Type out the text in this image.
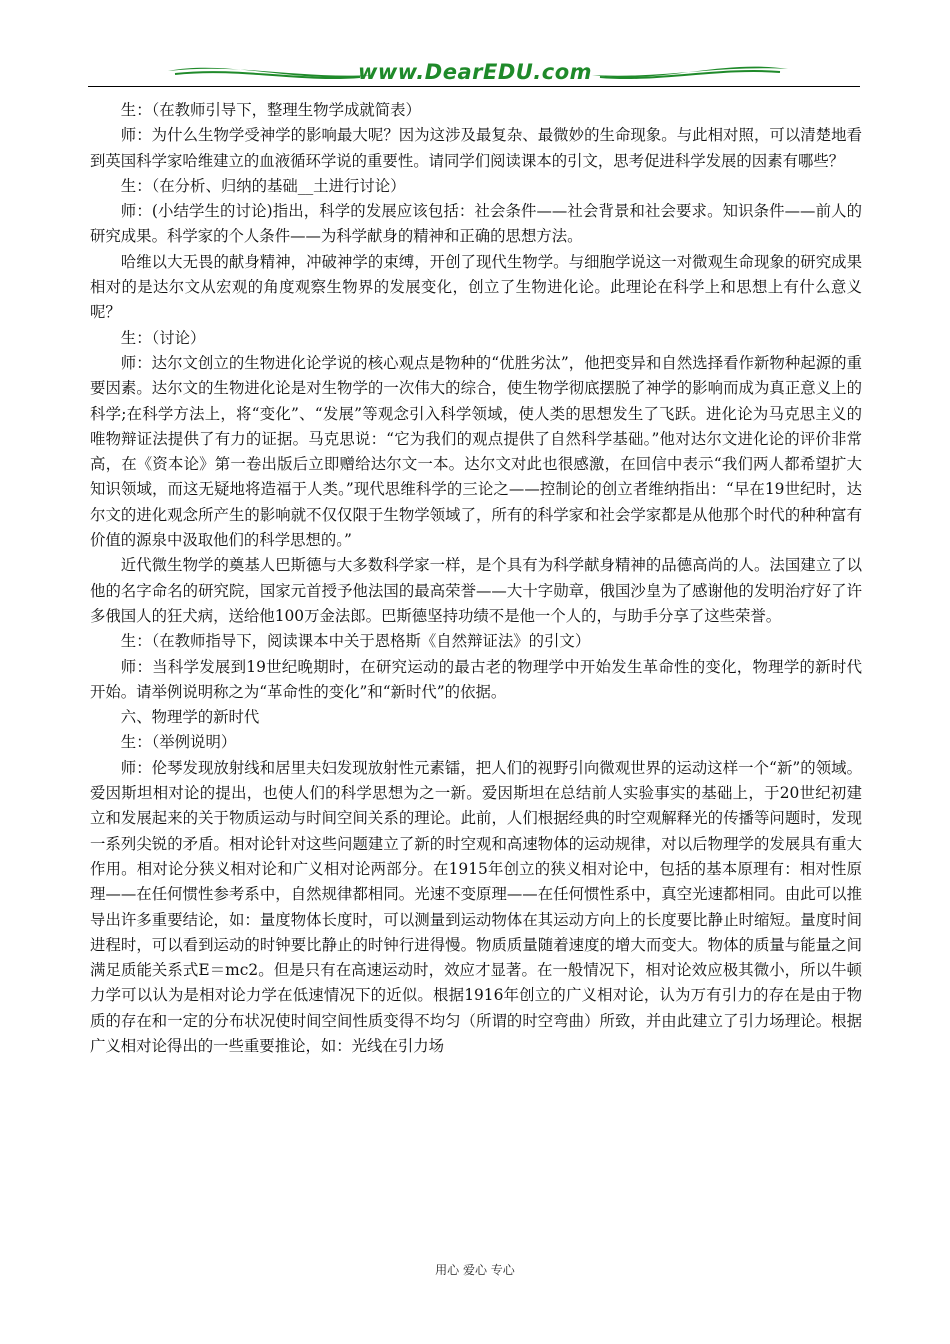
www.DearEDU.com

生：（在教师引导下，整理生物学成就简表）

师：为什么生物学受神学的影响最大呢？因为这涉及最复杂、最微妙的生命现象。与此相对照，可以清楚地看到英国科学家哈维建立的血液循环学说的重要性。请同学们阅读课本的引文，思考促进科学发展的因素有哪些？

生：（在分析、归纳的基础__土进行讨论）

师：(小结学生的讨论)指出，科学的发展应该包括：社会条件——社会背景和社会要求。知识条件——前人的研究成果。科学家的个人条件——为科学献身的精神和正确的思想方法。

哈维以大无畏的献身精神，冲破神学的束缚，开创了现代生物学。与细胞学说这一对微观生命现象的研究成果相对的是达尔文从宏观的角度观察生物界的发展变化，创立了生物进化论。此理论在科学上和思想上有什么意义呢？

生：（讨论）

师：达尔文创立的生物进化论学说的核心观点是物种的“优胜劣汰”，他把变异和自然选择看作新物种起源的重要因素。达尔文的生物进化论是对生物学的一次伟大的综合，使生物学彻底摆脱了神学的影响而成为真正意义上的科学;在科学方法上，将“变化”、“发展”等观念引入科学领域，使人类的思想发生了飞跃。进化论为马克思主义的唯物辩证法提供了有力的证据。马克思说：“它为我们的观点提供了自然科学基础。”他对达尔文进化论的评价非常高，在《资本论》第一卷出版后立即赠给达尔文一本。达尔文对此也很感激，在回信中表示“我们两人都希望扩大知识领域，而这无疑地将造福于人类。”现代思维科学的三论之——控制论的创立者维纳指出：“早在19世纪时，达尔文的进化观念所产生的影响就不仅仅限于生物学领域了，所有的科学家和社会学家都是从他那个时代的种种富有价值的源泉中汲取他们的科学思想的。”

近代微生物学的奠基人巴斯德与大多数科学家一样，是个具有为科学献身精神的品德高尚的人。法国建立了以他的名字命名的研究院，国家元首授予他法国的最高荣誉——大十字勋章，俄国沙皇为了感谢他的发明治疗好了许多俄国人的狂犬病，送给他100万金法郎。巴斯德坚持功绩不是他一个人的，与助手分享了这些荣誉。

生：（在教师指导下，阅读课本中关于恩格斯《自然辩证法》的引文）

师：当科学发展到19世纪晚期时，在研究运动的最古老的物理学中开始发生革命性的变化，物理学的新时代开始。请举例说明称之为“革命性的变化”和“新时代”的依据。

六、物理学的新时代

生：（举例说明）

师：伦琴发现放射线和居里夫妇发现放射性元素镭，把人们的视野引向微观世界的运动这样一个“新”的领域。爱因斯坦相对论的提出，也使人们的科学思想为之一新。爱因斯坦在总结前人实验事实的基础上，于20世纪初建立和发展起来的关于物质运动与时间空间关系的理论。此前，人们根据经典的时空观解释光的传播等问题时，发现一系列尖锐的矛盾。相对论针对这些问题建立了新的时空观和高速物体的运动规律，对以后物理学的发展具有重大作用。相对论分狭义相对论和广义相对论两部分。在1915年创立的狭义相对论中，包括的基本原理有：相对性原理——在任何惯性参考系中，自然规律都相同。光速不变原理——在任何惯性系中，真空光速都相同。由此可以推导出许多重要结论，如：量度物体长度时，可以测量到运动物体在其运动方向上的长度要比静止时缩短。量度时间进程时，可以看到运动的时钟要比静止的时钟行进得慢。物质质量随着速度的增大而变大。物体的质量与能量之间满足质能关系式E＝mc2。但是只有在高速运动时，效应才显著。在一般情况下，相对论效应极其微小，所以牛顿力学可以认为是相对论力学在低速情况下的近似。根据1916年创立的广义相对论，认为万有引力的存在是由于物质的存在和一定的分布状况使时间空间性质变得不均匀（所谓的时空弯曲）所致，并由此建立了引力场理论。根据广义相对论得出的一些重要推论，如：光线在引力场

用心 爱心 专心
